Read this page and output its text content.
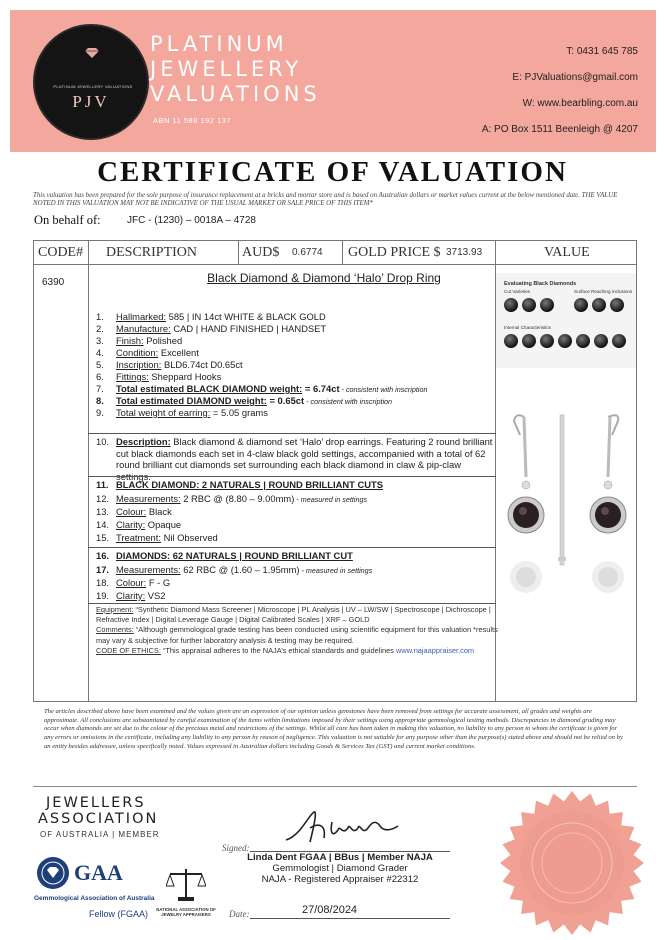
PLATINUM JEWELLERY VALUATIONS
PJV
PLATINUM
JEWELLERY
VALUATIONS
ABN 11 588 192 137
T: 0431 645 785
E: PJValuations@gmail.com
W: www.bearbling.com.au
A: PO Box 1511 Beenleigh @ 4207
CERTIFICATE OF VALUATION
This valuation has been prepared for the sole purpose of insurance replacement at a bricks and mortar store and is based on Australian dollars or market values current at the below mentioned date. THE VALUE NOTED IN THIS VALUATION MAY NOT BE INDICATIVE OF THE USUAL MARKET OR SALE PRICE OF THIS ITEM*
On behalf of:	JFC - (1230) – 0018A – 4728
CODE# DESCRIPTION	AUD$ 0.6774 GOLD PRICE $ 3713.93	VALUE
6390	Black Diamond & Diamond ‘Halo’ Drop Ring
1.	Hallmarked: 585 | IN 14ct WHITE & BLACK GOLD
2.	Manufacture: CAD | HAND FINISHED | HANDSET
3.	Finish: Polished
4.	Condition: Excellent
5.	Inscription: BLD6.74ct D0.65ct
6.	Fittings: Sheppard Hooks
7.	Total estimated BLACK DIAMOND weight: = 6.74ct - consistent with inscription
8.	Total estimated DIAMOND weight: = 0.65ct - consistent with inscription
9.	Total weight of earring: = 5.05 grams
10. Description: Black diamond & diamond set ‘Halo’ drop earrings. Featuring 2 round brilliant cut black diamonds each set in 4-claw black gold settings, accompanied with a total of 62 round brilliant cut diamonds set surrounding each black diamond in claw & pip-claw settings.
11. BLACK DIAMOND: 2 NATURALS | ROUND BRILLIANT CUTS
12. Measurements: 2 RBC @ (8.80 – 9.00mm) - measured in settings
13. Colour: Black
14. Clarity: Opaque
15. Treatment: Nil Observed
16. DIAMONDS: 62 NATURALS | ROUND BRILLIANT CUT
17. Measurements: 62 RBC @ (1.60 – 1.95mm) - measured in settings
18. Colour: F - G
19. Clarity: VS2
Equipment: “Synthetic Diamond Mass Screener | Microscope | PL Analysis | UV – LW/SW | Spectroscope | Dichroscope | Refractive Index | Digital Leverage Gauge | Digital Calibrated Scales | XRF – GOLD
Comments: “Although gemmological grade testing has been conducted using scientific equipment for this valuation *results may vary & subjective for further laboratory analysis & testing may be required.
CODE OF ETHICS: “This appraisal adheres to the NAJA’s ethical standards and guidelines www.najaappraiser.com
Evaluating Black Diamonds
Cut Varieties	Surface Reaching Inclusions
Internal Characteristics
The articles described above have been examined and the values given are an expression of our opinion unless gemstones have been removed from settings for accurate assessment, all grades and weights are approximate. All conclusions are substantiated by careful examination of the items within limitations imposed by their settings using appropriate gemmological testing methods. Discrepancies in diamond grading may occur when diamonds are set due to the colour of the precious metal and restrictions of the settings. Whilst all care has been taken in making this valuation, no liability to any person to whom the certificate is given for any errors or omissions in the certificate, including any liability to any person by reason of negligence. This valuation is not suitable for any purpose other than the purpose(s) stated above and should not be relied on by an entity besides addressee, unless specifically noted. Values expressed in Australian dollars including Goods & Services Tax (GST) and current market conditions.
JEWELLERS
ASSOCIATION
OF AUSTRALIA | MEMBER
GAA
Gemmological Association of Australia
Fellow (FGAA)	NATIONAL ASSOCIATION OF JEWELRY APPRAISERS
Signed:
Linda Dent FGAA | BBus | Member NAJA
Gemmologist | Diamond Grader
NAJA - Registered Appraiser #22312
Date:	27/08/2024
